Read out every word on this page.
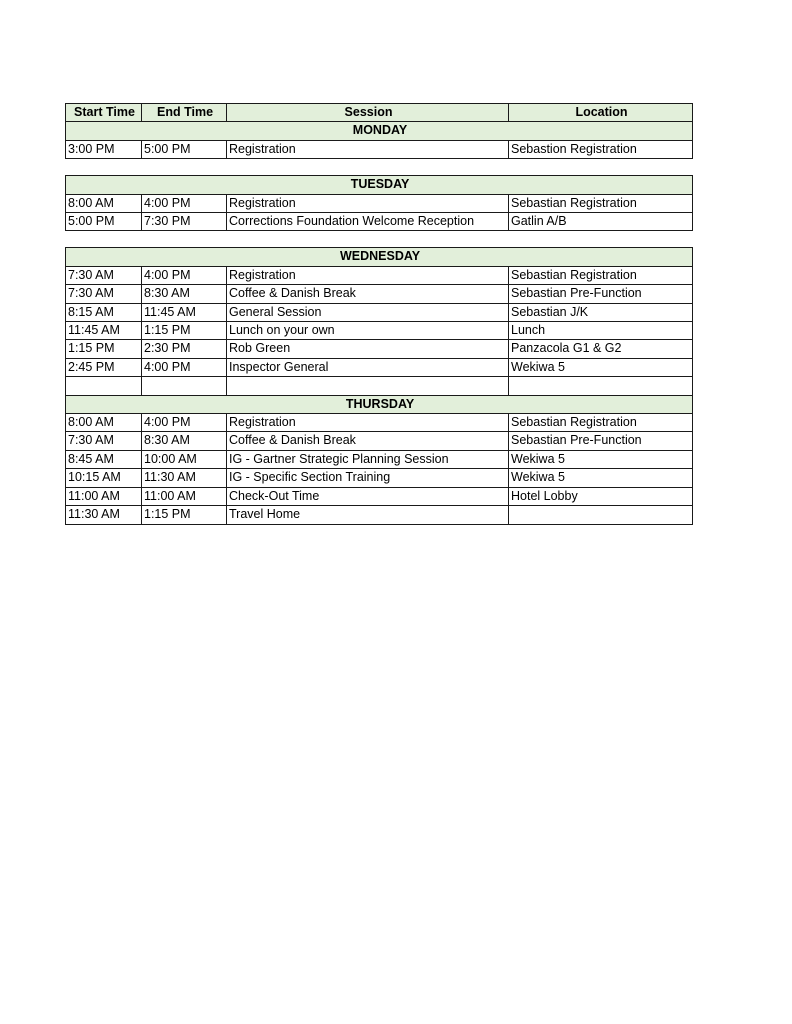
Start Time	End Time	Session	Location
MONDAY			
3:00 PM	5:00 PM	Registration	Sebastion Registration
TUESDAY			
8:00 AM	4:00 PM	Registration	Sebastian Registration
5:00 PM	7:30 PM	Corrections Foundation Welcome Reception	Gatlin A/B
WEDNESDAY			
7:30 AM	4:00 PM	Registration	Sebastian Registration
7:30 AM	8:30 AM	Coffee & Danish Break	Sebastian Pre-Function
8:15 AM	11:45 AM	General Session	Sebastian J/K
11:45 AM	1:15 PM	Lunch on your own	Lunch
1:15 PM	2:30 PM	Rob Green	Panzacola G1 & G2
2:45 PM	4:00 PM	Inspector General	Wekiwa 5

THURSDAY			
8:00 AM	4:00 PM	Registration	Sebastian Registration
7:30 AM	8:30 AM	Coffee & Danish Break	Sebastian Pre-Function
8:45 AM	10:00 AM	IG - Gartner Strategic Planning Session	Wekiwa 5
10:15 AM	11:30 AM	IG - Specific Section Training	Wekiwa 5
11:00 AM	11:00 AM	Check-Out Time	Hotel Lobby
11:30 AM	1:15 PM	Travel Home	
